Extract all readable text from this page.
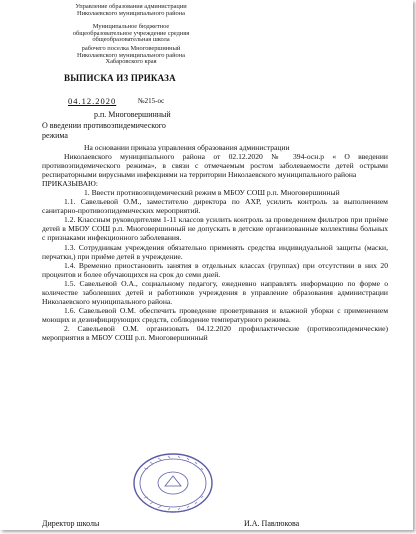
Управление образования администрации
Николаевского муниципального района
Муниципальное бюджетное
общеобразовательное учреждение средняя
общеобразовательная школа
рабочего поселка Многовершинный
Николаевского муниципального района
Хабаровского края
ВЫПИСКА ИЗ ПРИКАЗА
04.12.2020	№215-ос
р.п. Многовершинный
О введении противоэпидемического режима

На основании приказа управления образования администрации

Николаевского муниципального района от 02.12.2020 № 394-осн.р « О введении противоэпидемического режима», в связи с отмечаемым ростом заболеваемости детей острыми респираторными вирусными инфекциями на территории Николаевского муниципального района

ПРИКАЗЫВАЮ:

1. Ввести противоэпидемический режим в МБОУ СОШ р.п. Многовершинный

1.1. Савельевой О.М., заместителю директора по АХР, усилить контроль за выполнением санитарно-противоэпидемических мероприятий.

1.2. Классным руководителям 1-11 классов усилить контроль за проведением фильтров при приёме детей в МБОУ СОШ р.п. Многовершинный не допускать в детские организованные коллективы больных с признаками инфекционного заболевания.

1.3. Сотрудникам учреждения обязательно применять средства индивидуальной защиты (маски, перчатки,) при приёме детей в учреждение.

1.4. Временно приостановить занятия в отдельных классах (группах) при отсутствии в них 20 процентов и более обучающихся на срок до семи дней.

1.5. Савельевой О.А., социальному педагогу, ежедневно направлять информацию по форме о количестве заболевших детей и работников учреждения в управление образования администрации Николаевского муниципального района.

1.6. Савельевой О.М. обеспечить проведение проветривания и влажной уборки с применением моющих и дезинфицирующих средств, соблюдение температурного режима.

2. Савельевой О.М. организовать 04.12.2020 профилактические (противоэпидемические) мероприятия в МБОУ СОШ р.п. Многовершинный

Директор школы	И.А. Павлюкова
